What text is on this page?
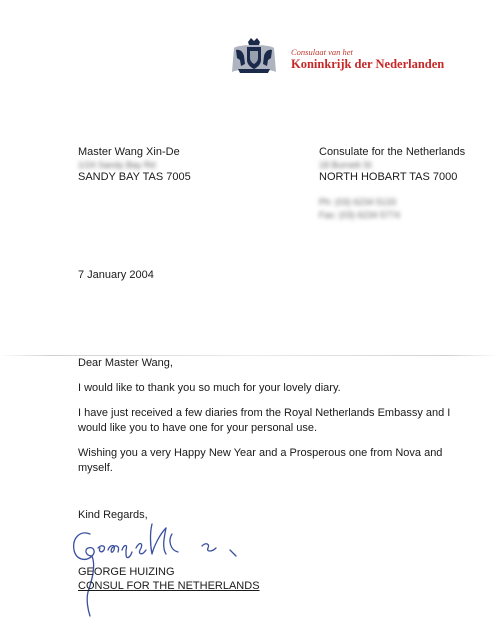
Consulaat van het
Koninkrijk der Nederlanden
Master Wang Xin-De
1/24 Sandy Bay Rd
SANDY BAY TAS 7005
Consulate for the Netherlands
18 Burnett St
NORTH HOBART TAS 7000
Ph: (03) 6234 5133
Fax: (03) 6234 5774
7 January 2004
Dear Master Wang,
I would like to thank you so much for your lovely diary.
I have just received a few diaries from the Royal Netherlands Embassy and I would like you to have one for your personal use.
Wishing you a very Happy New Year and a Prosperous one from Nova and myself.
Kind Regards,
GEORGE HUIZING
CONSUL FOR THE NETHERLANDS
